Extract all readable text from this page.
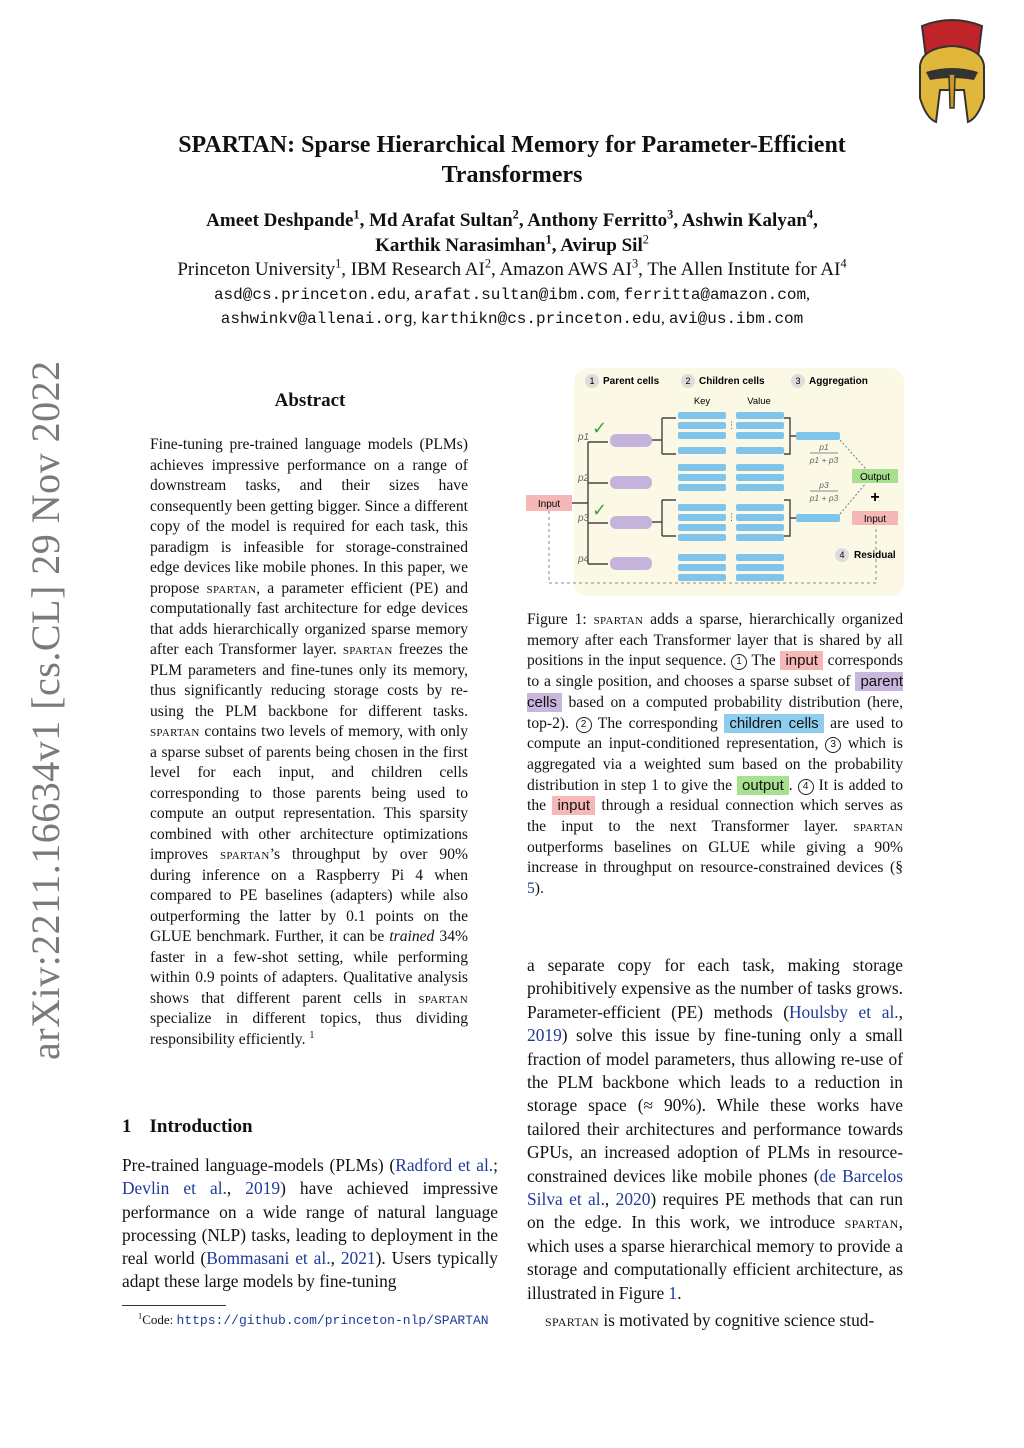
arXiv:2211.16634v1 [cs.CL] 29 Nov 2022
SPARTAN: Sparse Hierarchical Memory for Parameter-Efficient
Transformers
Ameet Deshpande$^1$, Md Arafat Sultan$^2$, Anthony Ferritto$^3$, Ashwin Kalyan$^4$,
Karthik Narasimhan$^1$, Avirup Sil$^2$
Princeton University$^1$, IBM Research $AI^2$, Amazon AWS $AI^3$, The Allen Institute for $AI^4$
asd@cs.princeton.edu, arafat.sultan@ibm.com, ferritta@amazon.com,
ashwinkv@allenai.org, karthikn@cs.princeton.edu, avi@us.ibm.com
Abstract
Fine-tuning pre-trained language models (PLMs) achieves impressive performance on a range of downstream tasks, and their sizes have consequently been getting bigger. Since a different copy of the model is required for each task, this paradigm is infeasible for storage-constrained edge devices like mobile phones. In this paper, we propose spartan, a parameter efficient (PE) and computationally fast architecture for edge devices that adds hierarchically organized sparse memory after each Transformer layer. spartan freezes the PLM parameters and fine-tunes only its memory, thus significantly reducing storage costs by re-using the PLM backbone for different tasks. spartan contains two levels of memory, with only a sparse subset of parents being chosen in the first level for each input, and children cells corresponding to those parents being used to compute an output representation. This sparsity combined with other architecture optimizations improves spartan’s throughput by over 90% during inference on a Raspberry Pi 4 when compared to PE baselines (adapters) while also outperforming the latter by 0.1 points on the GLUE benchmark. Further, it can be trained 34% faster in a few-shot setting, while performing within 0.9 points of adapters. Qualitative analysis shows that different parent cells in spartan specialize in different topics, thus dividing responsibility efficiently. $^1$
1 Introduction
Pre-trained language-models (PLMs) (Radford et al.; Devlin et al., 2019) have achieved impressive performance on a wide range of natural language processing (NLP) tasks, leading to deployment in the real world (Bommasani et al., 2021). Users typically adapt these large models by fine-tuning
$^1$Code: https://github.com/princeton-nlp/SPARTAN
1 Parent cells	2 Children cells	3 Aggregation
Key	Value
Input
p1
p2
p3
p4
✓
✓
⋮
⋮
p1
p1 + p3
p3
p1 + p3
Output
+
Input
4 Residual
Figure 1: spartan adds a sparse, hierarchically organized memory after each Transformer layer that is shared by all positions in the input sequence. 1 The input corresponds to a single position, and chooses a sparse subset of parent cells based on a computed probability distribution (here, top-2). 2 The corresponding children cells are used to compute an input-conditioned representation, 3 which is aggregated via a weighted sum based on the probability distribution in step 1 to give the output . 4 It is added to the input through a residual connection which serves as the input to the next Transformer layer. spartan outperforms baselines on GLUE while giving a 90% increase in throughput on resource-constrained devices (§ 5).
a separate copy for each task, making storage prohibitively expensive as the number of tasks grows. Parameter-efficient (PE) methods (Houlsby et al., 2019) solve this issue by fine-tuning only a small fraction of model parameters, thus allowing re-use of the PLM backbone which leads to a reduction in storage space (≈ 90%). While these works have tailored their architectures and performance towards GPUs, an increased adoption of PLMs in resource-constrained devices like mobile phones (de Barcelos Silva et al., 2020) requires PE methods that can run on the edge. In this work, we introduce spartan, which uses a sparse hierarchical memory to provide a storage and computationally efficient architecture, as illustrated in Figure 1.
spartan is motivated by cognitive science stud-
